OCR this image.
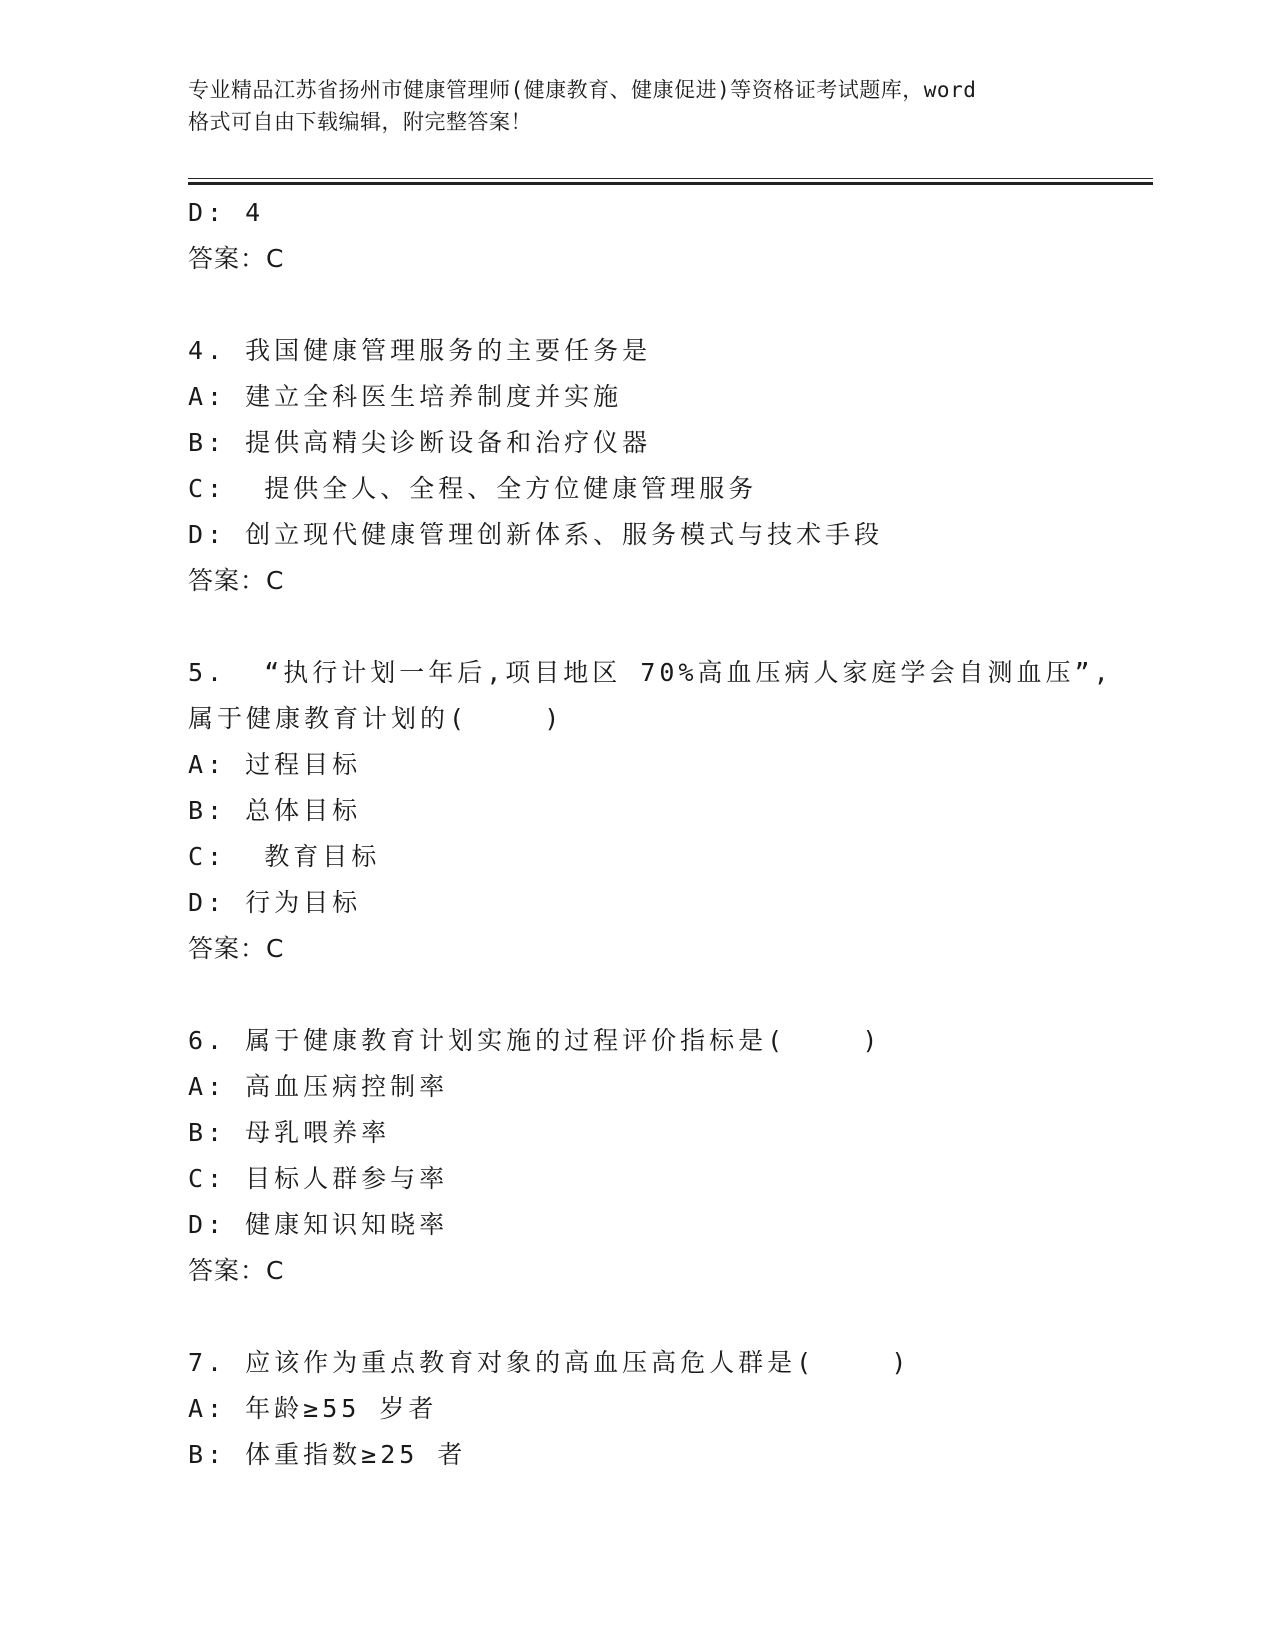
专业精品江苏省扬州市健康管理师(健康教育、健康促进)等资格证考试题库，word
格式可自由下载编辑，附完整答案！
D: 4
答案：C
4. 我国健康管理服务的主要任务是
A: 建立全科医生培养制度并实施
B: 提供高精尖诊断设备和治疗仪器
C:  提供全人、全程、全方位健康管理服务
D: 创立现代健康管理创新体系、服务模式与技术手段
答案：C
5.  “执行计划一年后,项目地区 70%高血压病人家庭学会自测血压”,
属于健康教育计划的(    )
A: 过程目标
B: 总体目标
C:  教育目标
D: 行为目标
答案：C
6. 属于健康教育计划实施的过程评价指标是(    )
A: 高血压病控制率
B: 母乳喂养率
C: 目标人群参与率
D: 健康知识知晓率
答案：C
7. 应该作为重点教育对象的高血压高危人群是(    )
A: 年龄≥55 岁者
B: 体重指数≥25 者
